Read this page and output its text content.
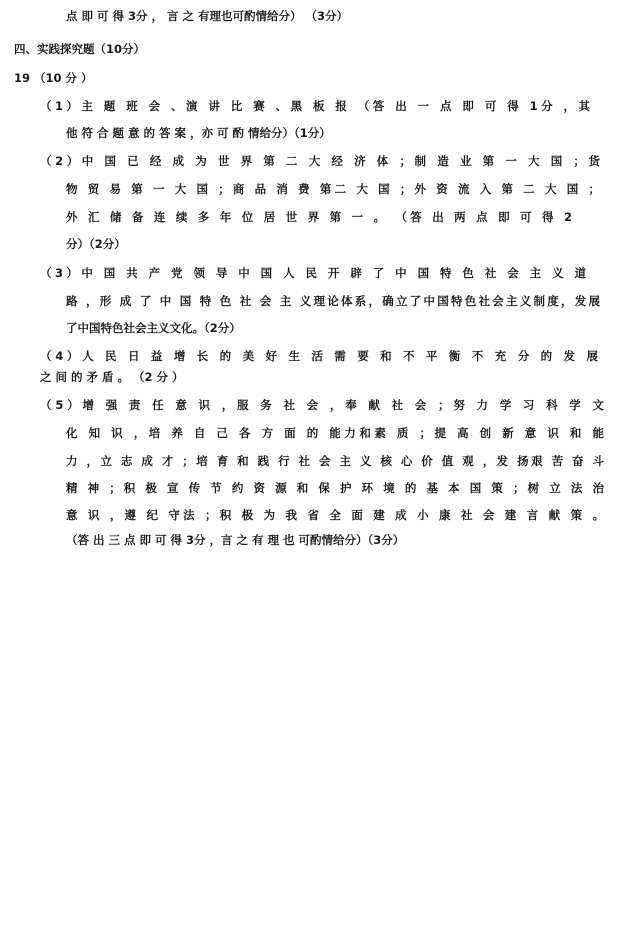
点 即 可 得 3分 ， 言 之 有理也可酌情给分） （3分）
四、实践探究题（10分）
19 （10 分 ）
（1）主 题 班 会 、演 讲 比 赛 、黑 板 报 （答 出 一 点 即 可 得 1分 ，其
他 符 合 题 意 的 答 案 ，亦 可 酌 情给分）（1分）
（2）中 国 已 经 成 为 世 界 第 二 大 经 济 体 ；制 造 业 第 一 大 国 ；货
物 贸 易 第 一 大 国 ；商 品 消 费 第二 大 国 ；外 资 流 入 第 二 大 国 ；
外 汇 储 备 连 续 多 年 位 居 世 界 第 一 。 （答 出 两 点 即 可 得 2
分）（2分）
（3）中 国 共 产 党 领 导 中 国 人 民 开 辟 了 中 国 特 色 社 会 主 义 道
路 ，形 成 了 中 国 特 色 社 会 主 义理论体系，确立了中国特色社会主义制度，发展
了中国特色社会主义文化。（2分）
（4）人 民 日 益 增 长 的 美 好 生 活 需 要 和 不 平 衡 不 充 分 的 发 展
之 间 的 矛 盾 。 （2 分 ）
（5）增 强 责 任 意 识 ，服 务 社 会 ，奉 献 社 会 ；努 力 学 习 科 学 文
化 知 识 ，培 养 自 己 各 方 面 的 能力和素 质 ；提 高 创 新 意 识 和 能
力 ，立 志 成 才 ；培 育 和 践 行 社 会 主 义 核 心 价 值 观 ，发 扬艰 苦 奋 斗
精 神 ；积 极 宣 传 节 约 资 源 和 保 护 环 境 的 基 本 国 策 ；树 立 法 治
意 识 ，遵 纪 守法 ；积 极 为 我 省 全 面 建 成 小 康 社 会 建 言 献 策 。
（答 出 三 点 即 可 得 3分 ，言 之 有 理 也 可酌情给分）（3分）
